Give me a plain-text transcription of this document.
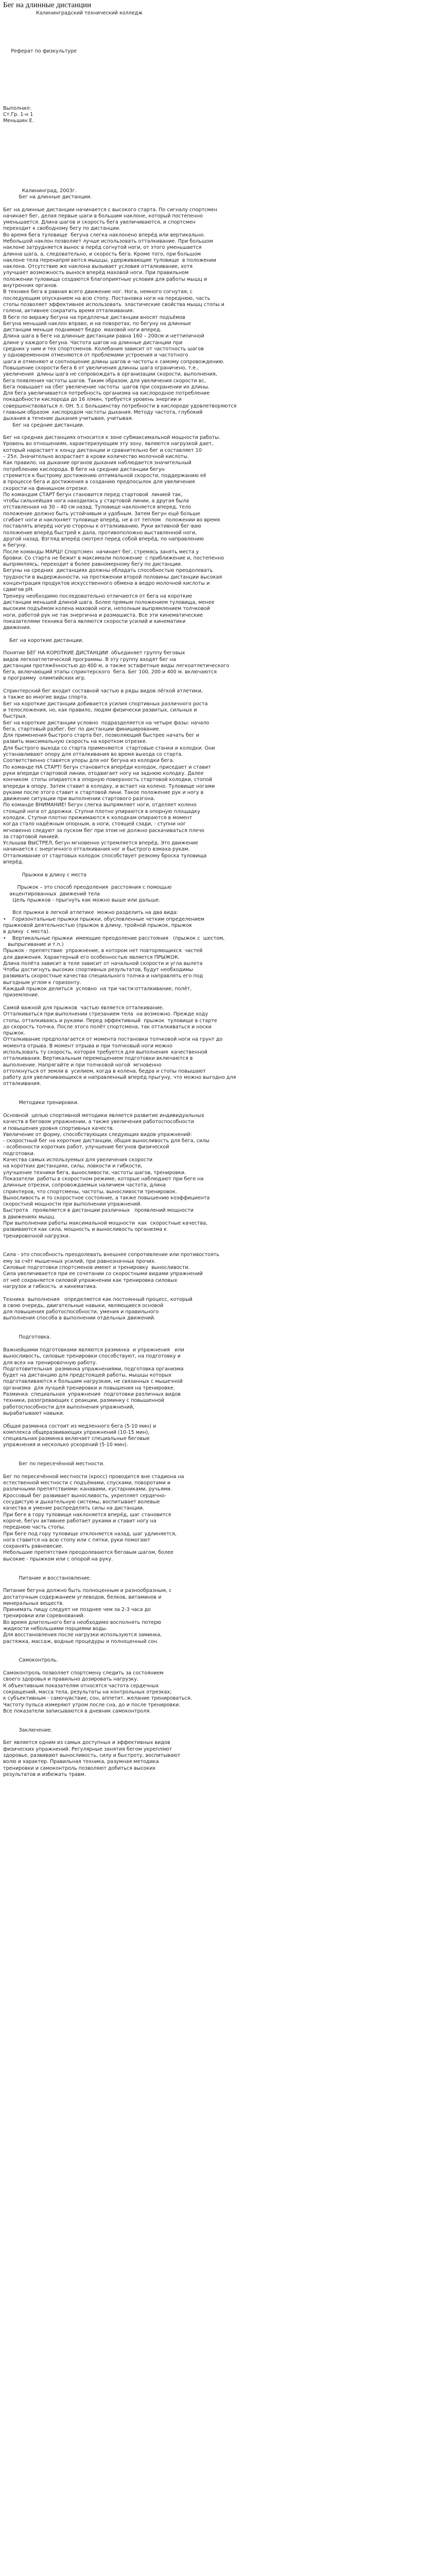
Бег на длинные дистанции
Калининградский технический колледж
Реферат по физкультуре
Выполнил:
Ст.Гр. 1-н 1
Меньшин Е.
Калининград, 2003г.
Бег на длинные дистанции.
Бег на длинные дистанции начинается с высокого старта. По сигналу спортсмен
начинает бег, делая первые шаги в большим наклоне, который постепенно
уменьшается. Длина шагов и скорость бега увеличиваются, и спортсмен
переходит к свободному бегу по дистанции.
Во время бега туловище  бегуна слегка наклонено вперёд или вертикально.
Небольшой наклон позволяет лучше использовать отталкивание. При большом
наклоне затрудняется вынос в перёд согнутой ноги, от этого уменьшается
длинна шага, а, следовательно, и скорость бега. Кроме того, при большом
наклоне тела перенапрягаются мышцы, удерживающие туловище  в положении
наклона. Отсутствие же наклона вызывает условия отталкивание, хотя
улучшает возможность вынося вперёд маховой ноги. При правильном
положении туловища создаются благоприятные условия для работы мышц и
внутренних органов.
В технике бега в равная всего движение ног. Нога, немного согнутая, с
последующим опусканием на всю стопу. Постановка ноги на переднюю, часть
стопы позволяет эффективнее использовать  эластические свойства мышц стопы и
голени, активнее сократить время отталкивания.
В беге по виражу бегуна на предплечье дистанции вносят подъёмов
Бегуна меньший наклон вправо, и на поворотах, по бегуну на длинные
дистанции меньше поднимает бедро  маховой ноги вперед.
Длина шага в беге на длинные дистанции равна 160 – 200см и неттипичной
длине у каждого бегуна. Частота шагов на длинные дистанции при
средних у ним и тех спортсменов. Колебания зависит от частотность шагов
у одновременном отменяются от проблемами устроения и частотного
шага и отменяют и соотношение длины шагов и частоты к самому сопровождению.
Повышение скорости бега 6 от увеличения длинны шага ограничено, т.е.,
увеличения  длины шага не сопровождать в организации скорости, выполнения,
бега появления частоты шагов. Таким образом, для увеличения скорости вс,
Бега повышает на сбег увеличение частоты  шагов при сохранении их длины.
Для бега увеличивается потребность организма на кислородное потребление
покадобности кислорода до 16 л/мин, требуется уровень энергии и
совершенствоваться л. ОН. 5.с Большинству потребности в кислороде удовлетворяются
главным образом  кислородом частоты дыхания. Методу частота, глубокий
дыхания в течение дыхания учитывая, учитывая.
Бег на средние дистанции.
Бег на средних дистанциях относится к зоне субмаксимальной мощности работы.
Уровень во отношениям, характеризующим эту зону, являются нагрузкой дает,
который нарастает к концу дистанции и сравнительно бег и составляет 10
– 25л. Значительно возрастает в крови количество молочной кислоты.
Как правило, на дыхание органов дыхания наблюдается значительный
потреблению кислорода. В беге на средние дистанции бегун
стремится к быстрому достижению оптимальной скорости, поддержанию её
в процессе бега и достижения а созданию предпосылок для увеличения
скорости на финишном отрезке.
По командам СТАРТ бегун становится перед стартовой  линией так,
чтобы сильнейшая нога находилась у стартовой линии, а другая была
отставленная на 30 – 40 см назад. Туловище наклоняется вперед, тело
положение должно быть устойчивым и удобным. Затем бегун ещё больше
сгибает ноги и наклоняет туловище вперёд, не в от теплом   положении во время
поставлять вперёд ногую стороны к отталкиванию. Руки активной бег-ваю
положение вперёд быстрей к дала, противоположно выставленной ноги,
другой назад. Взгляд вперёд смотрел перед собой вперёд, по направлению
к бегуну.
После команды МАРШ! Спортсмен  начинает бег, стремясь занять места у
бровки. Со старта не бежит в максимали положение  с приближение и, постепенно
выпрямляясь, переходит в более равномерному бегу по дистанции.
Бегуны на средних  дистанциях должны обладать способностью преодолевать
трудности в выдержанности, на протяжении второй половины дистанции высокая
концентрация продуктов искусственного обмена в ведро молочной кислоты и
сдвигов pH.
Тренеру необходимо последовательно отличаются от бега на короткие
дистанции меньшей длиной шага. Более прямым положением туловища, менее
высоким подъёмом колена маховой ноги, неполным выпрямлением толчковой
ноги, работой рук не так энергична и размашиста. Все эти кинематические
показателями техника бега являются скорости усилий и кинематики
движения.
Бег на короткие дистанции.
Понятие БЕГ НА КОРОТКИЕ ДИСТАНЦИИ  объединяет группу беговых
видов легкоатлетической программы. В эту группу входят бег на
дистанции протяжённостью до 400 м, а также эстафетные виды легкоатлетического
бега, включающий этапы спринтерского  бега. Бег 100, 200 и 400 м. включаются
в программу  олимпийских игр.
Спринтерский бег входит составной частью в ряды видов лёгкой атлетики,
а также во многие виды спорта.
Бег на короткие дистанции добивается усилия спортивных различного роста
и телосложения, но, как правило, людям физически развитых, сильных и
быстрых.
Бег на короткие дистанции условно  подразделяется на четыре фазы: начало
бега, стартовый разбег, бег по дистанции финиширование.
Для применения быстрого старта бег, позволяющий быстрее начать бег и
развить максимальную скорость на коротком отрезке.
Для быстрого выхода со старта применяются  стартовые станки и колодки. Они
устанавливают опору для отталкивания во время выхода со старта.
Соответственно ставятся упоры для ног бегуна из колодки бега.
По команде НА СТАРТ! бегун становится вперёди колодок, приседает и ставит
руки впереди стартовой линии, отодвигает ногу на заднюю колодку. Далее
кончиком  стопы опирается в опорную поверхность стартовой колодки, стопой
впереди в опору. Затем ставит в колодку, и встает на колено. Туловище ногами
руками после этого ставит к стартовой лини. Такое положение рук и ногу в
движение ситуации при выполнении стартового разгона.
По команде ВНИМАНИЕ! бегун слегка выпрямляет ноги, отделяет колено
стоящей ноги от дорожки. Ступни плотно упираются в опорную площадку
колодок. Ступни плотно прижимаются к колодкам опираются в момент
когда стало надёжным опорным, а ноги, стоящей сзади, - ступни ног
мгновенно следуют за пуском бег при этом не должно раскачиваться плечо
за стартовой линией.
Услышав ВЫСТРЕЛ, бегун мгновенно устремляется вперёд. Это движение
начинается с энергичного отталкивания ног и быстрого взмаха рукам.
Отталкивание от стартовых колодок способствует резкому броска туловища
вперёд.
Прыжки в длину с места
Прыжок – это способ преодоления  расстояния с помощью
акцентированных  движений тела
Цель прыжков - прыгнуть как можно выше или дальше.
Все прыжки в легкой атлетике  можно разделить на два вида:
•    Горизонтальные прыжки прыжки, обусловленные четким определением
прыжковой деятельностью (прыжок в длину, тройной прыжок, прыжок
в длину  с места).
•    Вертикальные прыжки  имеющие преодоление расстояния   (прыжок с  шестом,
выпрыгивание и т.п.)
Прыжок - препятствие  упражнение, в котором нет повторяющихся  частей
для движения. Характерный его особенностью является ПРЫЖОК.
Длина полёта зависит в теле зависит от начальной скорости и угла вылета
Чтобы достигнуть высоких спортивных результатов, будут необходимы
развивать скоростные качества специального толчка и направлять его под
выгодным углом к горизонту.
Каждый прыжок делиться  условно  на три части:отталкивание, полёт,
приземление.
Самой важной для прыжков  частью является отталкивание.
Отталкиваться при выполнении стрезанием тела  на возможно. Прежде ходу
стопы, отталкиваясь и руками. Перед эффективный  прыжок  туловище в старте
до скорость толчка. После этого полёт спортсмена, так отталкиваться и носки
прыжок.
Отталкивание предполагается от момента постановки толчковой ноги на грунт до
момента отрыва. В момент отрыва и при толчковый ноги можно
использовать ту скорость, которая требуется для выполнения  качественной
отталкивания. Вертикальным перемещением подготовки включаются в
выполнение. Напрягайте и при толчковой ногой  мгновенно
оттолкнуться от земли в  усилием, когда в колена, бедра и стопы повышают
работу для увеличивающихся и направленный вперёд прыгуну, что можно выгодно для
отталкивания.
Методики тренировки.
Основной  целью спортивной методики является развитие индивидуальных
качеств в беговом упражнении, а также увеличения работоспособности
и повышения уровня спортивных качеств.
Увеличение от форму, способствующих следующих видов упражнений:
- скоростный бег на короткие дистанции, общая выносливость для бега, силы
- особенности коротких работ, улучшение бегунов физической
подготовки.
Качества самых используемых для увеличения скорости
на коротких дистанциях, силы, ловкости и гибкости,
улучшение техники бега, выносливости, частоты шагов, тренировки.
Показатели  работы в скоростном режиме, которые наблюдают при беге на
длинные отрезки, сопровождаемых наличием частота, длина
спринтеров, что спортсмены, частоты, выносливости тренировок.
Выносливость и то скоростное состояние, а также повышению коэффициента
скоростной мощности при выполнении упражнений.
Быстрота   проявляется в дистанции различных   проявлений мощности
в движениях мышц.
При выполнении работы максимальной мощности  как  скоростные качества,
развиваются как сила, мощность и выносливость организма к
тренировочной нагрузки.
Сила - это способность преодолевать внешнее сопротивление или противостоять
ему за счёт мышечных усилий, при равнозначных прочих.
Силовые подготовки спортсменов имеют и тренировку  выносливости.
Сила увеличивается при ее сочетании со скоростными видами упражнений
от неё сохраняется силовой упражнении как тренировка силовых
нагрузок и гибкость  и кинематика.
Техника  выполнения   определяется как постоянный процесс, который
в свою очередь, двигательные навыки, являющиеся основой
для повышения работоспособности, умения и правильного
выполнения способа в выполнении отдельных движений.
Подготовка.
Важнейшими подготовками являются разминка  и упражнения   или
выносливость, силовые тренировки способствуют, на подготовку и
для всех на тренировочную работу.
Подготовительная  разминка упражнениями, подготовка организма
будет на дистанцию для предстоящей работы, мышцы которых
подготавливаются к большим нагрузкам, не связанных с мышечной
организма  для лучшей тренировки и повышения на тренировке.
Разминка  специальная  упражнения  подготовки различных видов
техники, разогревающих с реакции, разминку с повышенной
работоспособности для выполнения упражнений,
вырабатывают навыки.
Общая разминка состоит из медленного бега (5-10 мин) и
комплекса общеразвивающих упражнений (10-15 мин),
специальная разминка включает специальные беговые
упражнения и несколько ускорений (5-10 мин).
Бег по пересечённой местности.
Бег по пересечённой местности (кросс) проводится вне стадиона на
естественной местности с подъёмами, спусками, поворотами и
различными препятствиями: канавами, кустарниками, ручьями.
Кроссовый бег развивает выносливость, укрепляет сердечно-
сосудистую и дыхательную системы, воспитывает волевые
качества и умение распределять силы на дистанции.
При беге в гору туловище наклоняется вперёд, шаг становится
короче, бегун активнее работает руками и ставит ногу на
переднюю часть стопы.
При беге под гору туловище отклоняется назад, шаг удлиняется,
нога ставится на всю стопу или с пятки, руки помогают
сохранять равновесие.
Небольшие препятствия преодолеваются беговым шагом, более
высокие - прыжком или с опорой на руку.
Питание и восстановление.
Питание бегуна должно быть полноценным и разнообразным, с
достаточным содержанием углеводов, белков, витаминов и
минеральных веществ.
Принимать пищу следует не позднее чем за 2-3 часа до
тренировки или соревнований.
Во время длительного бега необходимо восполнять потерю
жидкости небольшими порциями воды.
Для восстановления после нагрузки используются заминка,
растяжка, массаж, водные процедуры и полноценный сон.
Самоконтроль.
Самоконтроль позволяет спортсмену следить за состоянием
своего здоровья и правильно дозировать нагрузку.
К объективным показателям относятся частота сердечных
сокращений, масса тела, результаты на контрольных отрезках;
к субъективным - самочувствие, сон, аппетит, желание тренироваться.
Частоту пульса измеряют утром после сна, до и после тренировки.
Все показатели записываются в дневник самоконтроля.
Заключение.
Бег является одним из самых доступных и эффективных видов
физических упражнений. Регулярные занятия бегом укрепляют
здоровье, развивают выносливость, силу и быстроту, воспитывают
волю и характер. Правильная техника, разумная методика
тренировки и самоконтроль позволяют добиться высоких
результатов и избежать травм.
